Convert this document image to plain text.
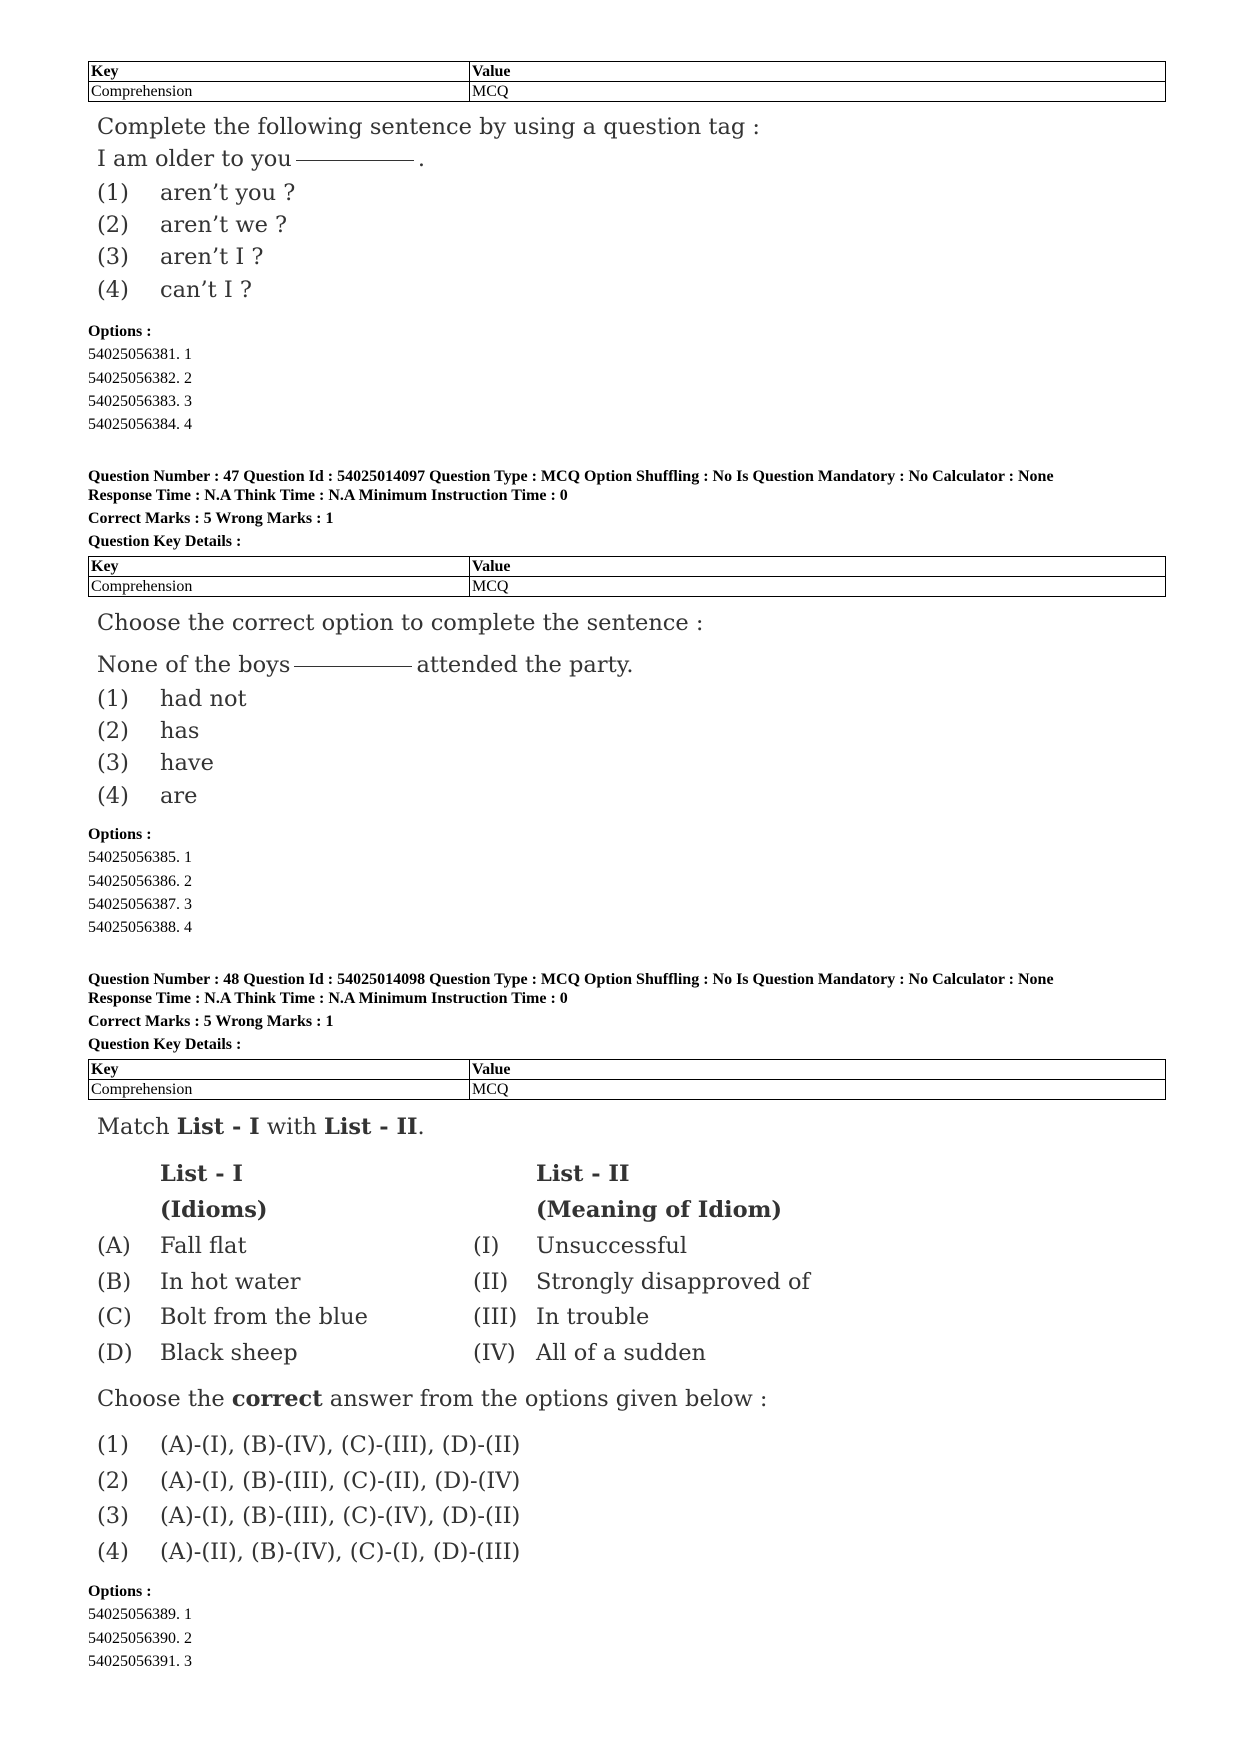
Key	Value
Comprehension	MCQ
Complete the following sentence by using a question tag :
I am older to you	.
(1) aren’t you ?
(2) aren’t we ?
(3) aren’t I ?
(4) can’t I ?
Options :
54025056381. 1
54025056382. 2
54025056383. 3
54025056384. 4
Question Number : 47 Question Id : 54025014097 Question Type : MCQ Option Shuffling : No Is Question Mandatory : No Calculator : None
Response Time : N.A Think Time : N.A Minimum Instruction Time : 0
Correct Marks : 5 Wrong Marks : 1
Question Key Details :
Key	Value
Comprehension	MCQ
Choose the correct option to complete the sentence :
None of the boys	attended the party.
(1) had not
(2) has
(3) have
(4) are
Options :
54025056385. 1
54025056386. 2
54025056387. 3
54025056388. 4
Question Number : 48 Question Id : 54025014098 Question Type : MCQ Option Shuffling : No Is Question Mandatory : No Calculator : None
Response Time : N.A Think Time : N.A Minimum Instruction Time : 0
Correct Marks : 5 Wrong Marks : 1
Question Key Details :
Key	Value
Comprehension	MCQ
Match List - I with List - II.
List - I	List - II
(Idioms)	(Meaning of Idiom)
(A) Fall flat	(I) Unsuccessful
(B) In hot water	(II) Strongly disapproved of
(C) Bolt from the blue	(III) In trouble
(D) Black sheep	(IV) All of a sudden
Choose the correct answer from the options given below :
(1) (A)-(I), (B)-(IV), (C)-(III), (D)-(II)
(2) (A)-(I), (B)-(III), (C)-(II), (D)-(IV)
(3) (A)-(I), (B)-(III), (C)-(IV), (D)-(II)
(4) (A)-(II), (B)-(IV), (C)-(I), (D)-(III)
Options :
54025056389. 1
54025056390. 2
54025056391. 3
